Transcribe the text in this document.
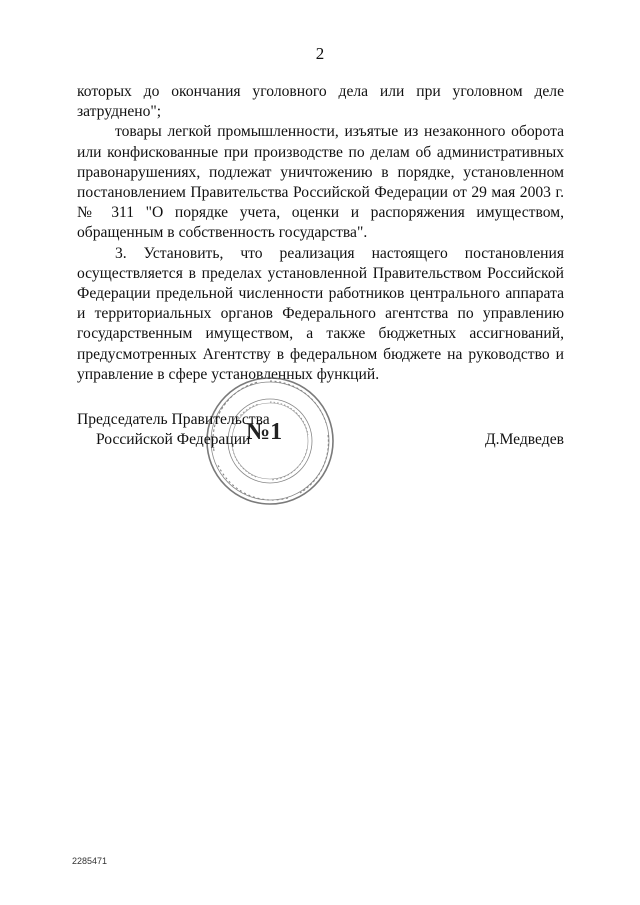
2

которых до окончания уголовного дела или при уголовном деле затруднено";

товары легкой промышленности, изъятые из незаконного оборота или конфискованные при производстве по делам об административных правонарушениях, подлежат уничтожению в порядке, установленном постановлением Правительства Российской Федерации от 29 мая 2003 г. № 311 "О порядке учета, оценки и распоряжения имуществом, обращенным в собственность государства".

3. Установить, что реализация настоящего постановления осуществляется в пределах установленной Правительством Российской Федерации предельной численности работников центрального аппарата и территориальных органов Федерального агентства по управлению государственным имуществом, а также бюджетных ассигнований, предусмотренных Агентству в федеральном бюджете на руководство и управление в сфере установленных функций.

№1
Председатель Правительства
Российской Федерации	Д.Медведев
2285471
